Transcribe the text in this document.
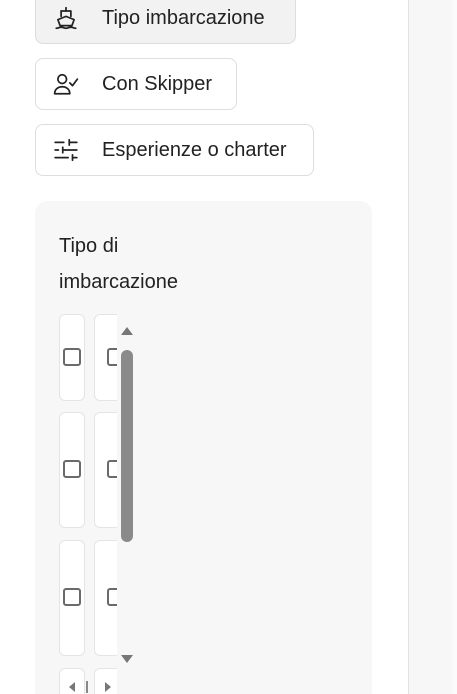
Tipo imbarcazione
Con Skipper
Esperienze o charter
Tipo di imbarcazione
